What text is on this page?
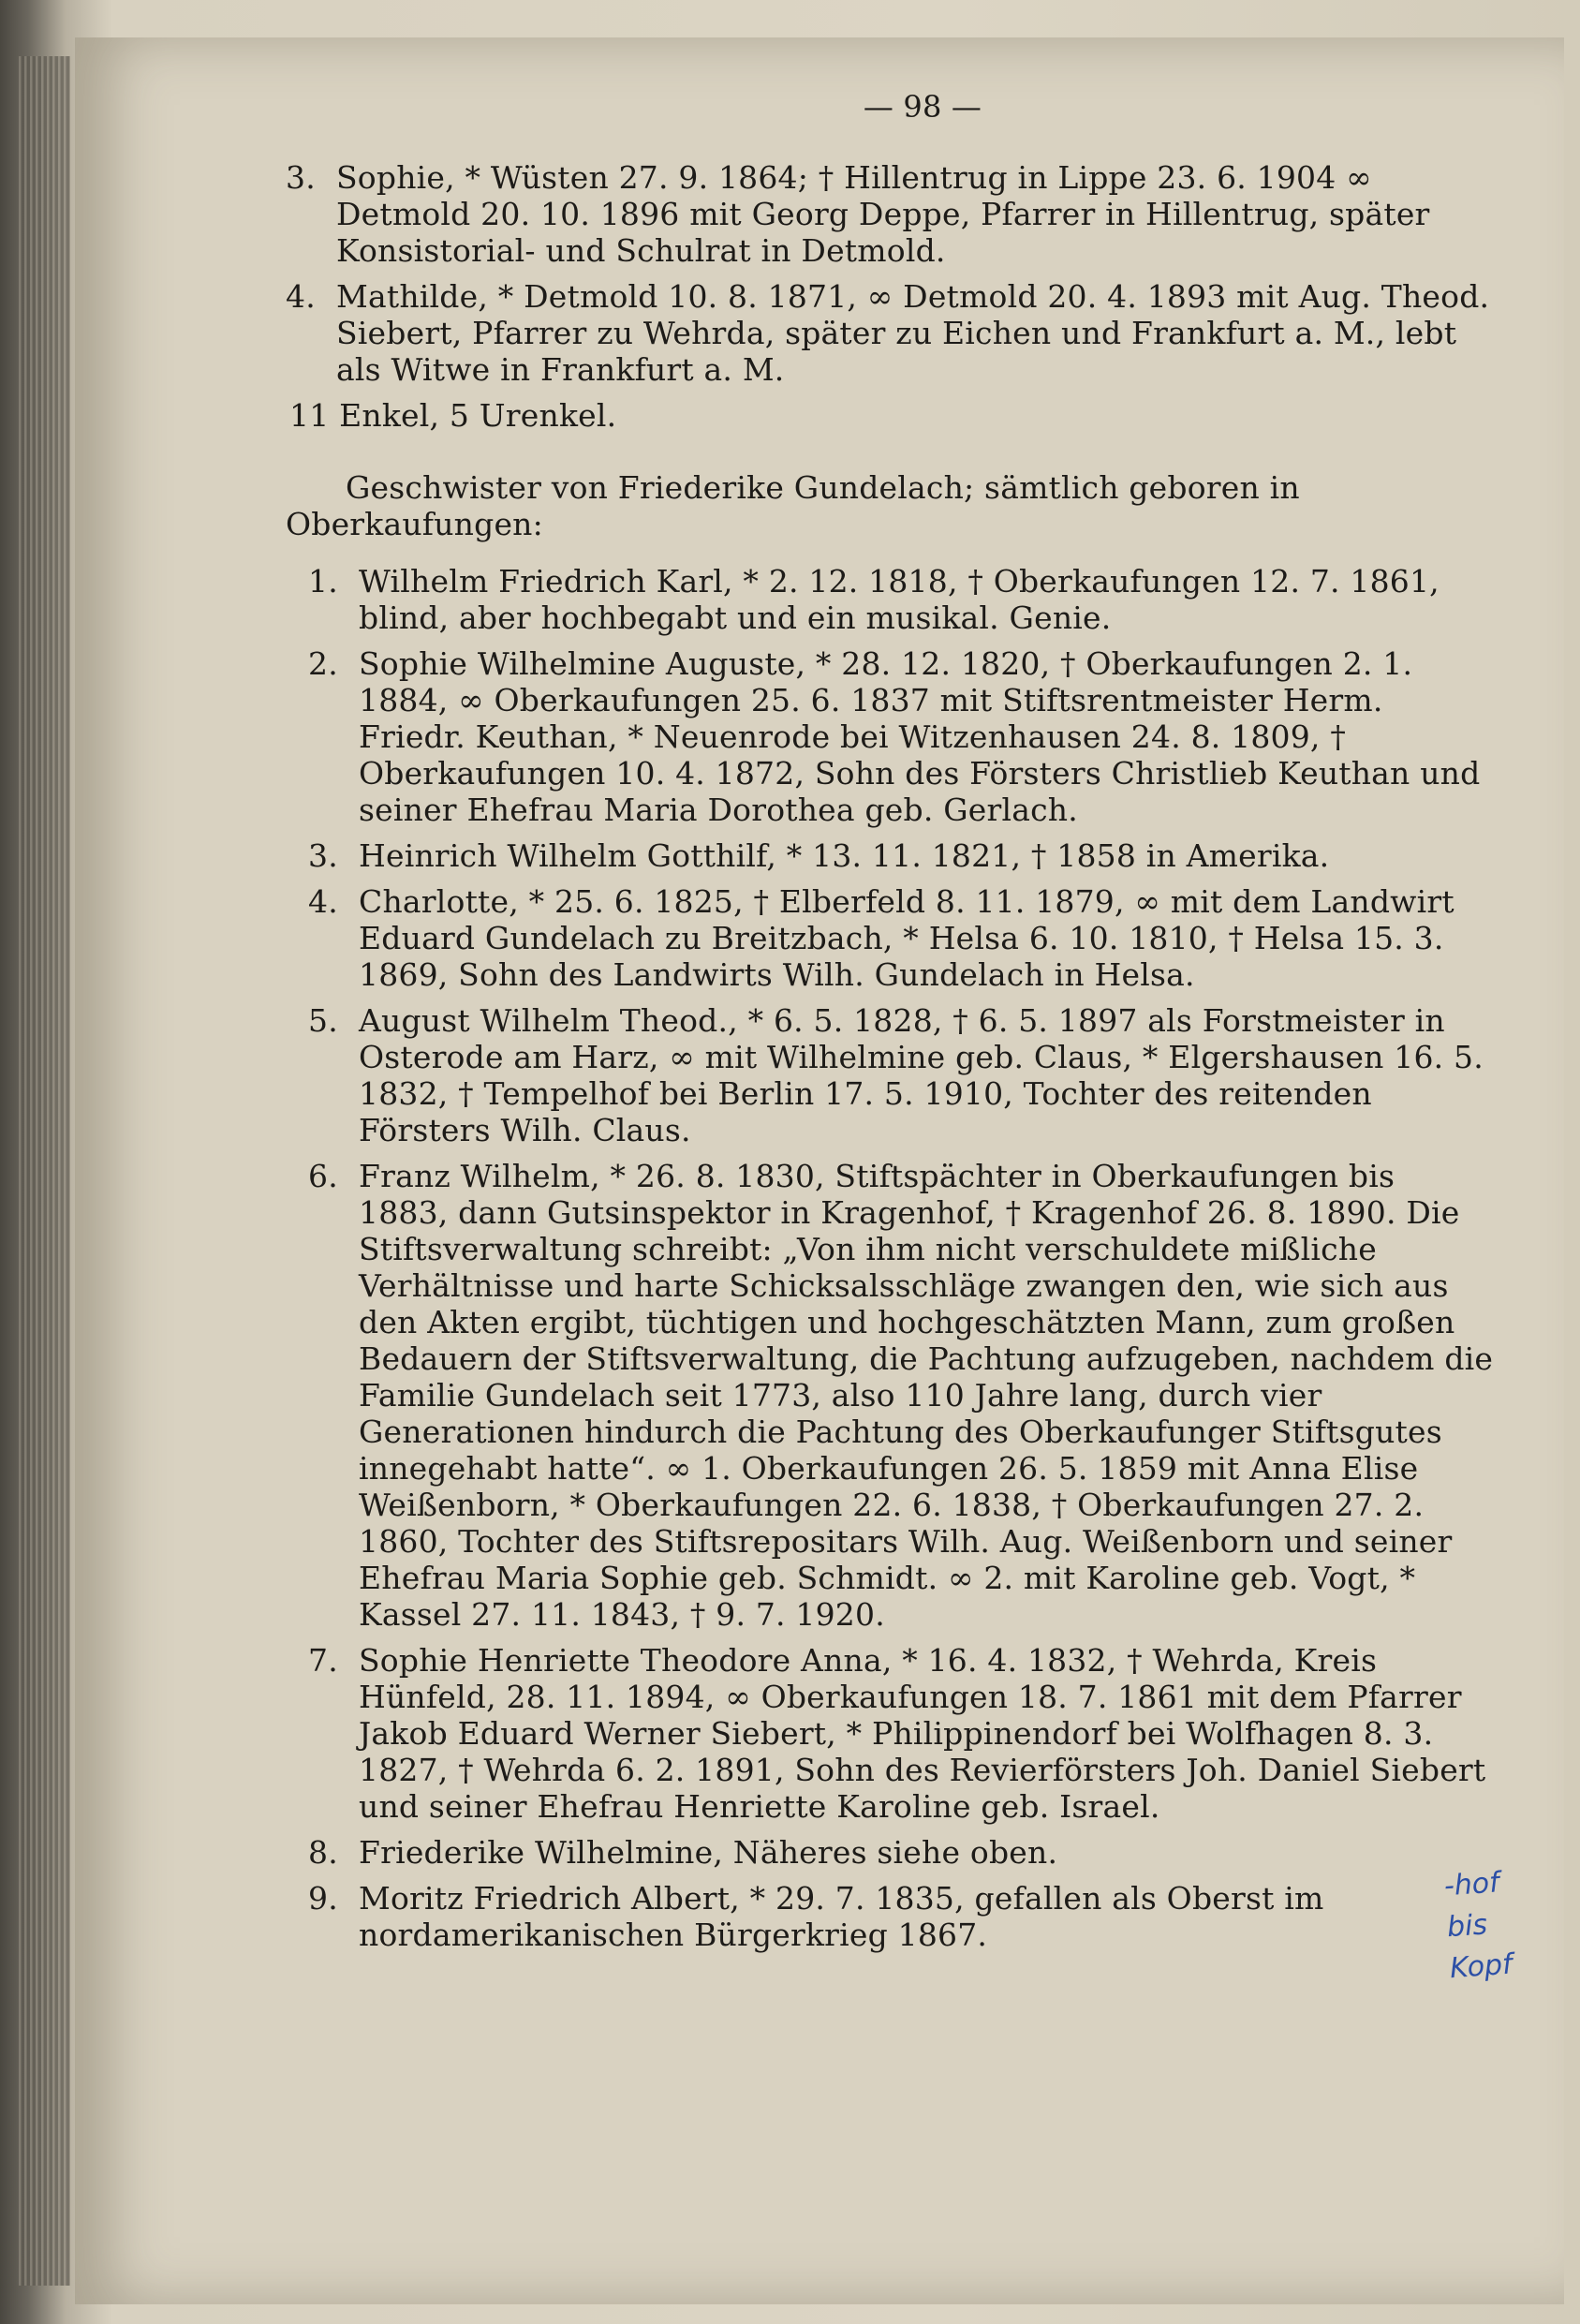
— 98 —
3. Sophie, * Wüsten 27. 9. 1864; † Hillentrug in Lippe 23. 6. 1904 ∞ Detmold 20. 10. 1896 mit Georg Deppe, Pfarrer in Hillentrug, später Konsistorial- und Schulrat in Detmold.
4. Mathilde, * Detmold 10. 8. 1871, ∞ Detmold 20. 4. 1893 mit Aug. Theod. Siebert, Pfarrer zu Wehrda, später zu Eichen und Frankfurt a. M., lebt als Witwe in Frankfurt a. M.
11 Enkel, 5 Urenkel.
Geschwister von Friederike Gundelach; sämtlich geboren in Oberkaufungen:
1. Wilhelm Friedrich Karl, * 2. 12. 1818, † Oberkaufungen 12. 7. 1861, blind, aber hochbegabt und ein musikal. Genie.
2. Sophie Wilhelmine Auguste, * 28. 12. 1820, † Oberkaufungen 2. 1. 1884, ∞ Oberkaufungen 25. 6. 1837 mit Stiftsrentmeister Herm. Friedr. Keuthan, * Neuenrode bei Witzenhausen 24. 8. 1809, † Oberkaufungen 10. 4. 1872, Sohn des Försters Christlieb Keuthan und seiner Ehefrau Maria Dorothea geb. Gerlach.
3. Heinrich Wilhelm Gotthilf, * 13. 11. 1821, † 1858 in Amerika.
4. Charlotte, * 25. 6. 1825, † Elberfeld 8. 11. 1879, ∞ mit dem Landwirt Eduard Gundelach zu Breitzbach, * Helsa 6. 10. 1810, † Helsa 15. 3. 1869, Sohn des Landwirts Wilh. Gundelach in Helsa.
5. August Wilhelm Theod., * 6. 5. 1828, † 6. 5. 1897 als Forstmeister in Osterode am Harz, ∞ mit Wilhelmine geb. Claus, * Elgershausen 16. 5. 1832, † Tempelhof bei Berlin 17. 5. 1910, Tochter des reitenden Försters Wilh. Claus.
6. Franz Wilhelm, * 26. 8. 1830, Stiftspächter in Oberkaufungen bis 1883, dann Gutsinspektor in Kragenhof, † Kragenhof 26. 8. 1890. Die Stiftsverwaltung schreibt: „Von ihm nicht verschuldete mißliche Verhältnisse und harte Schicksalsschläge zwangen den, wie sich aus den Akten ergibt, tüchtigen und hochgeschätzten Mann, zum großen Bedauern der Stiftsverwaltung, die Pachtung aufzugeben, nachdem die Familie Gundelach seit 1773, also 110 Jahre lang, durch vier Generationen hindurch die Pachtung des Oberkaufunger Stiftsgutes innegehabt hatte“. ∞ 1. Oberkaufungen 26. 5. 1859 mit Anna Elise Weißenborn, * Oberkaufungen 22. 6. 1838, † Oberkaufungen 27. 2. 1860, Tochter des Stiftsrepositars Wilh. Aug. Weißenborn und seiner Ehefrau Maria Sophie geb. Schmidt. ∞ 2. mit Karoline geb. Vogt, * Kassel 27. 11. 1843, † 9. 7. 1920.
7. Sophie Henriette Theodore Anna, * 16. 4. 1832, † Wehrda, Kreis Hünfeld, 28. 11. 1894, ∞ Oberkaufungen 18. 7. 1861 mit dem Pfarrer Jakob Eduard Werner Siebert, * Philippinendorf bei Wolfhagen 8. 3. 1827, † Wehrda 6. 2. 1891, Sohn des Revierförsters Joh. Daniel Siebert und seiner Ehefrau Henriette Karoline geb. Israel.
8. Friederike Wilhelmine, Näheres siehe oben.
9. Moritz Friedrich Albert, * 29. 7. 1835, gefallen als Oberst im nordamerikanischen Bürgerkrieg 1867.
-hof
bis
Kopf
